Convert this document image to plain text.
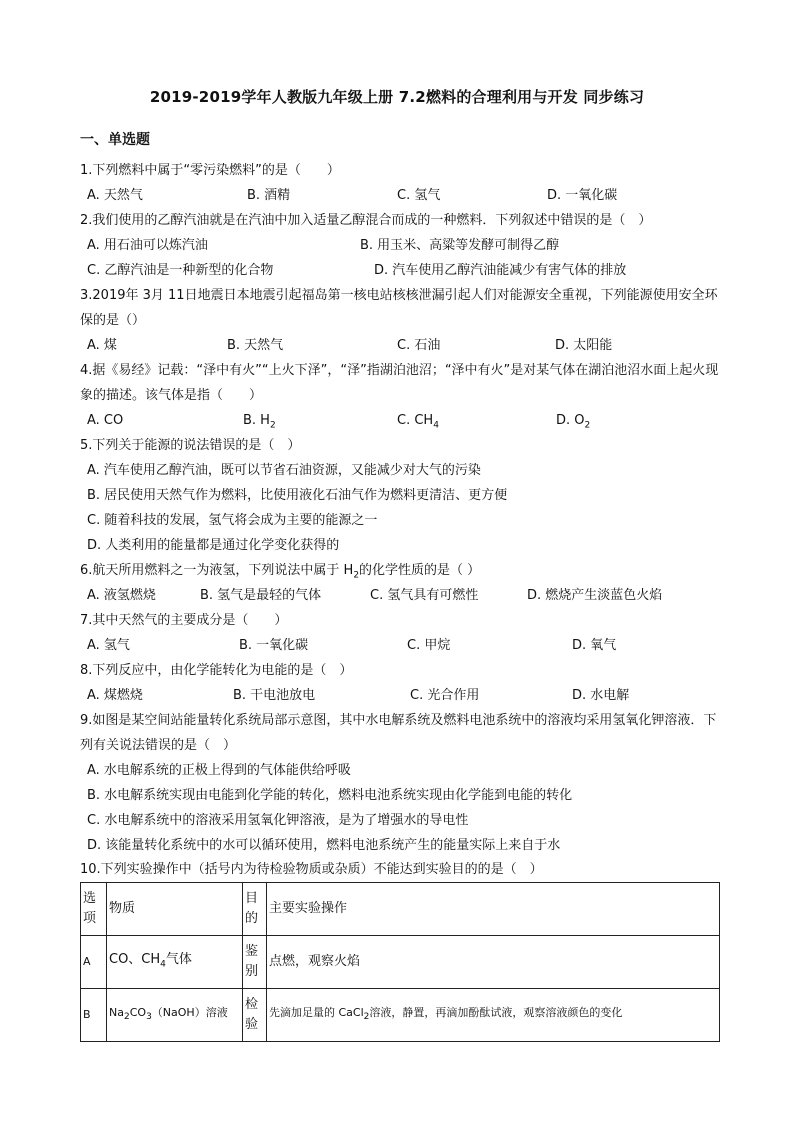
2019-2019学年人教版九年级上册 7.2燃料的合理利用与开发 同步练习
一、单选题
1.下列燃料中属于“零污染燃料”的是（　　）
A. 天然气	B. 酒精	C. 氢气	D. 一氧化碳
2.我们使用的乙醇汽油就是在汽油中加入适量乙醇混合而成的一种燃料．下列叙述中错误的是（　）
A. 用石油可以炼汽油	B. 用玉米、高粱等发酵可制得乙醇
C. 乙醇汽油是一种新型的化合物	D. 汽车使用乙醇汽油能减少有害气体的排放
3.2019年 3月 11日地震日本地震引起福岛第一核电站核核泄漏引起人们对能源安全重视，下列能源使用安全环保的是（）
A. 煤	B. 天然气	C. 石油	D. 太阳能
4.据《易经》记载：“泽中有火”“上火下泽”，“泽”指湖泊池沼；“泽中有火”是对某气体在湖泊池沼水面上起火现象的描述。该气体是指（　　）
A. CO	B. $H_2$	C. $CH_4$	D. $O_2$
5.下列关于能源的说法错误的是（　）
A. 汽车使用乙醇汽油，既可以节省石油资源，又能减少对大气的污染
B. 居民使用天然气作为燃料，比使用液化石油气作为燃料更清洁、更方便
C. 随着科技的发展，氢气将会成为主要的能源之一
D. 人类利用的能量都是通过化学变化获得的
6.航天所用燃料之一为液氢，下列说法中属于 $H_2$的化学性质的是（ ）
A. 液氢燃烧	B. 氢气是最轻的气体	C. 氢气具有可燃性	D. 燃烧产生淡蓝色火焰
7.其中天然气的主要成分是（　　）
A. 氢气	B. 一氧化碳	C. 甲烷	D. 氧气
8.下列反应中，由化学能转化为电能的是（　）
A. 煤燃烧	B. 干电池放电	C. 光合作用	D. 水电解
9.如图是某空间站能量转化系统局部示意图，其中水电解系统及燃料电池系统中的溶液均采用氢氧化钾溶液．下列有关说法错误的是（　）
A. 水电解系统的正极上得到的气体能供给呼吸
B. 水电解系统实现由电能到化学能的转化，燃料电池系统实现由化学能到电能的转化
C. 水电解系统中的溶液采用氢氧化钾溶液，是为了增强水的导电性
D. 该能量转化系统中的水可以循环使用，燃料电池系统产生的能量实际上来自于水
10.下列实验操作中（括号内为待检验物质或杂质）不能达到实验目的的是（　）
选项	物质	目的	主要实验操作
A	CO、$CH_4$气体	鉴别	点燃，观察火焰
B	$Na_2CO_3(NaOH)$溶液	检验	先滴加足量的 CaCl$_2$溶液，静置，再滴加酚酞试液，观察溶液颜色的变化
